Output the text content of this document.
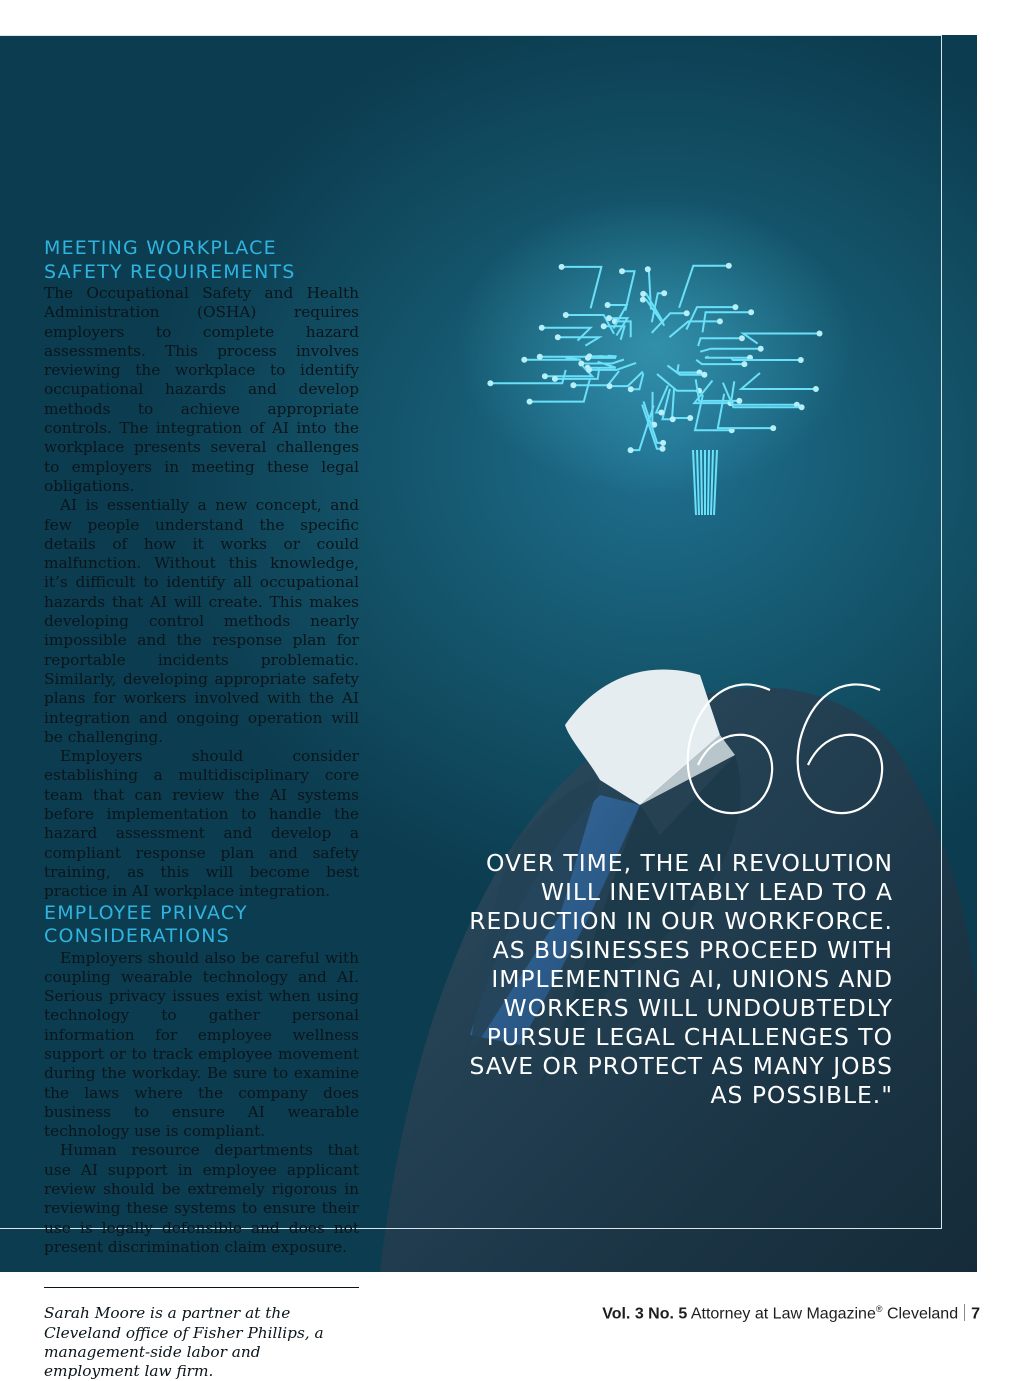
MEETING WORKPLACE
SAFETY REQUIREMENTS

The Occupational Safety and Health Administration (OSHA) requires employers to complete hazard assessments. This process involves reviewing the workplace to identify occupational hazards and develop methods to achieve appropriate controls. The integration of AI into the workplace presents several challenges to employers in meeting these legal obligations.

AI is essentially a new concept, and few people understand the specific details of how it works or could malfunction. Without this knowledge, it’s difficult to identify all occupational hazards that AI will create. This makes developing control methods nearly impossible and the response plan for reportable incidents problematic. Similarly, developing appropriate safety plans for workers involved with the AI integration and ongoing operation will be challenging.

Employers should consider establishing a multidisciplinary core team that can review the AI systems before implementation to handle the hazard assessment and develop a compliant response plan and safety training, as this will become best practice in AI workplace integration.

EMPLOYEE PRIVACY
CONSIDERATIONS

Employers should also be careful with coupling wearable technology and AI. Serious privacy issues exist when using technology to gather personal information for employee wellness support or to track employee movement during the workday. Be sure to examine the laws where the company does business to ensure AI wearable technology use is compliant.

Human resource departments that use AI support in employee applicant review should be extremely rigorous in reviewing these systems to ensure their use is legally defensible and does not present discrimination claim exposure.

Sarah Moore is a partner at the Cleveland office of Fisher Phillips, a management-side labor and employment law firm.
OVER TIME, THE AI REVOLUTION WILL INEVITABLY LEAD TO A REDUCTION IN OUR WORKFORCE. AS BUSINESSES PROCEED WITH IMPLEMENTING AI, UNIONS AND WORKERS WILL UNDOUBTEDLY PURSUE LEGAL CHALLENGES TO SAVE OR PROTECT AS MANY JOBS AS POSSIBLE."
Vol. 3 No. 5 Attorney at Law Magazine® Cleveland 7
